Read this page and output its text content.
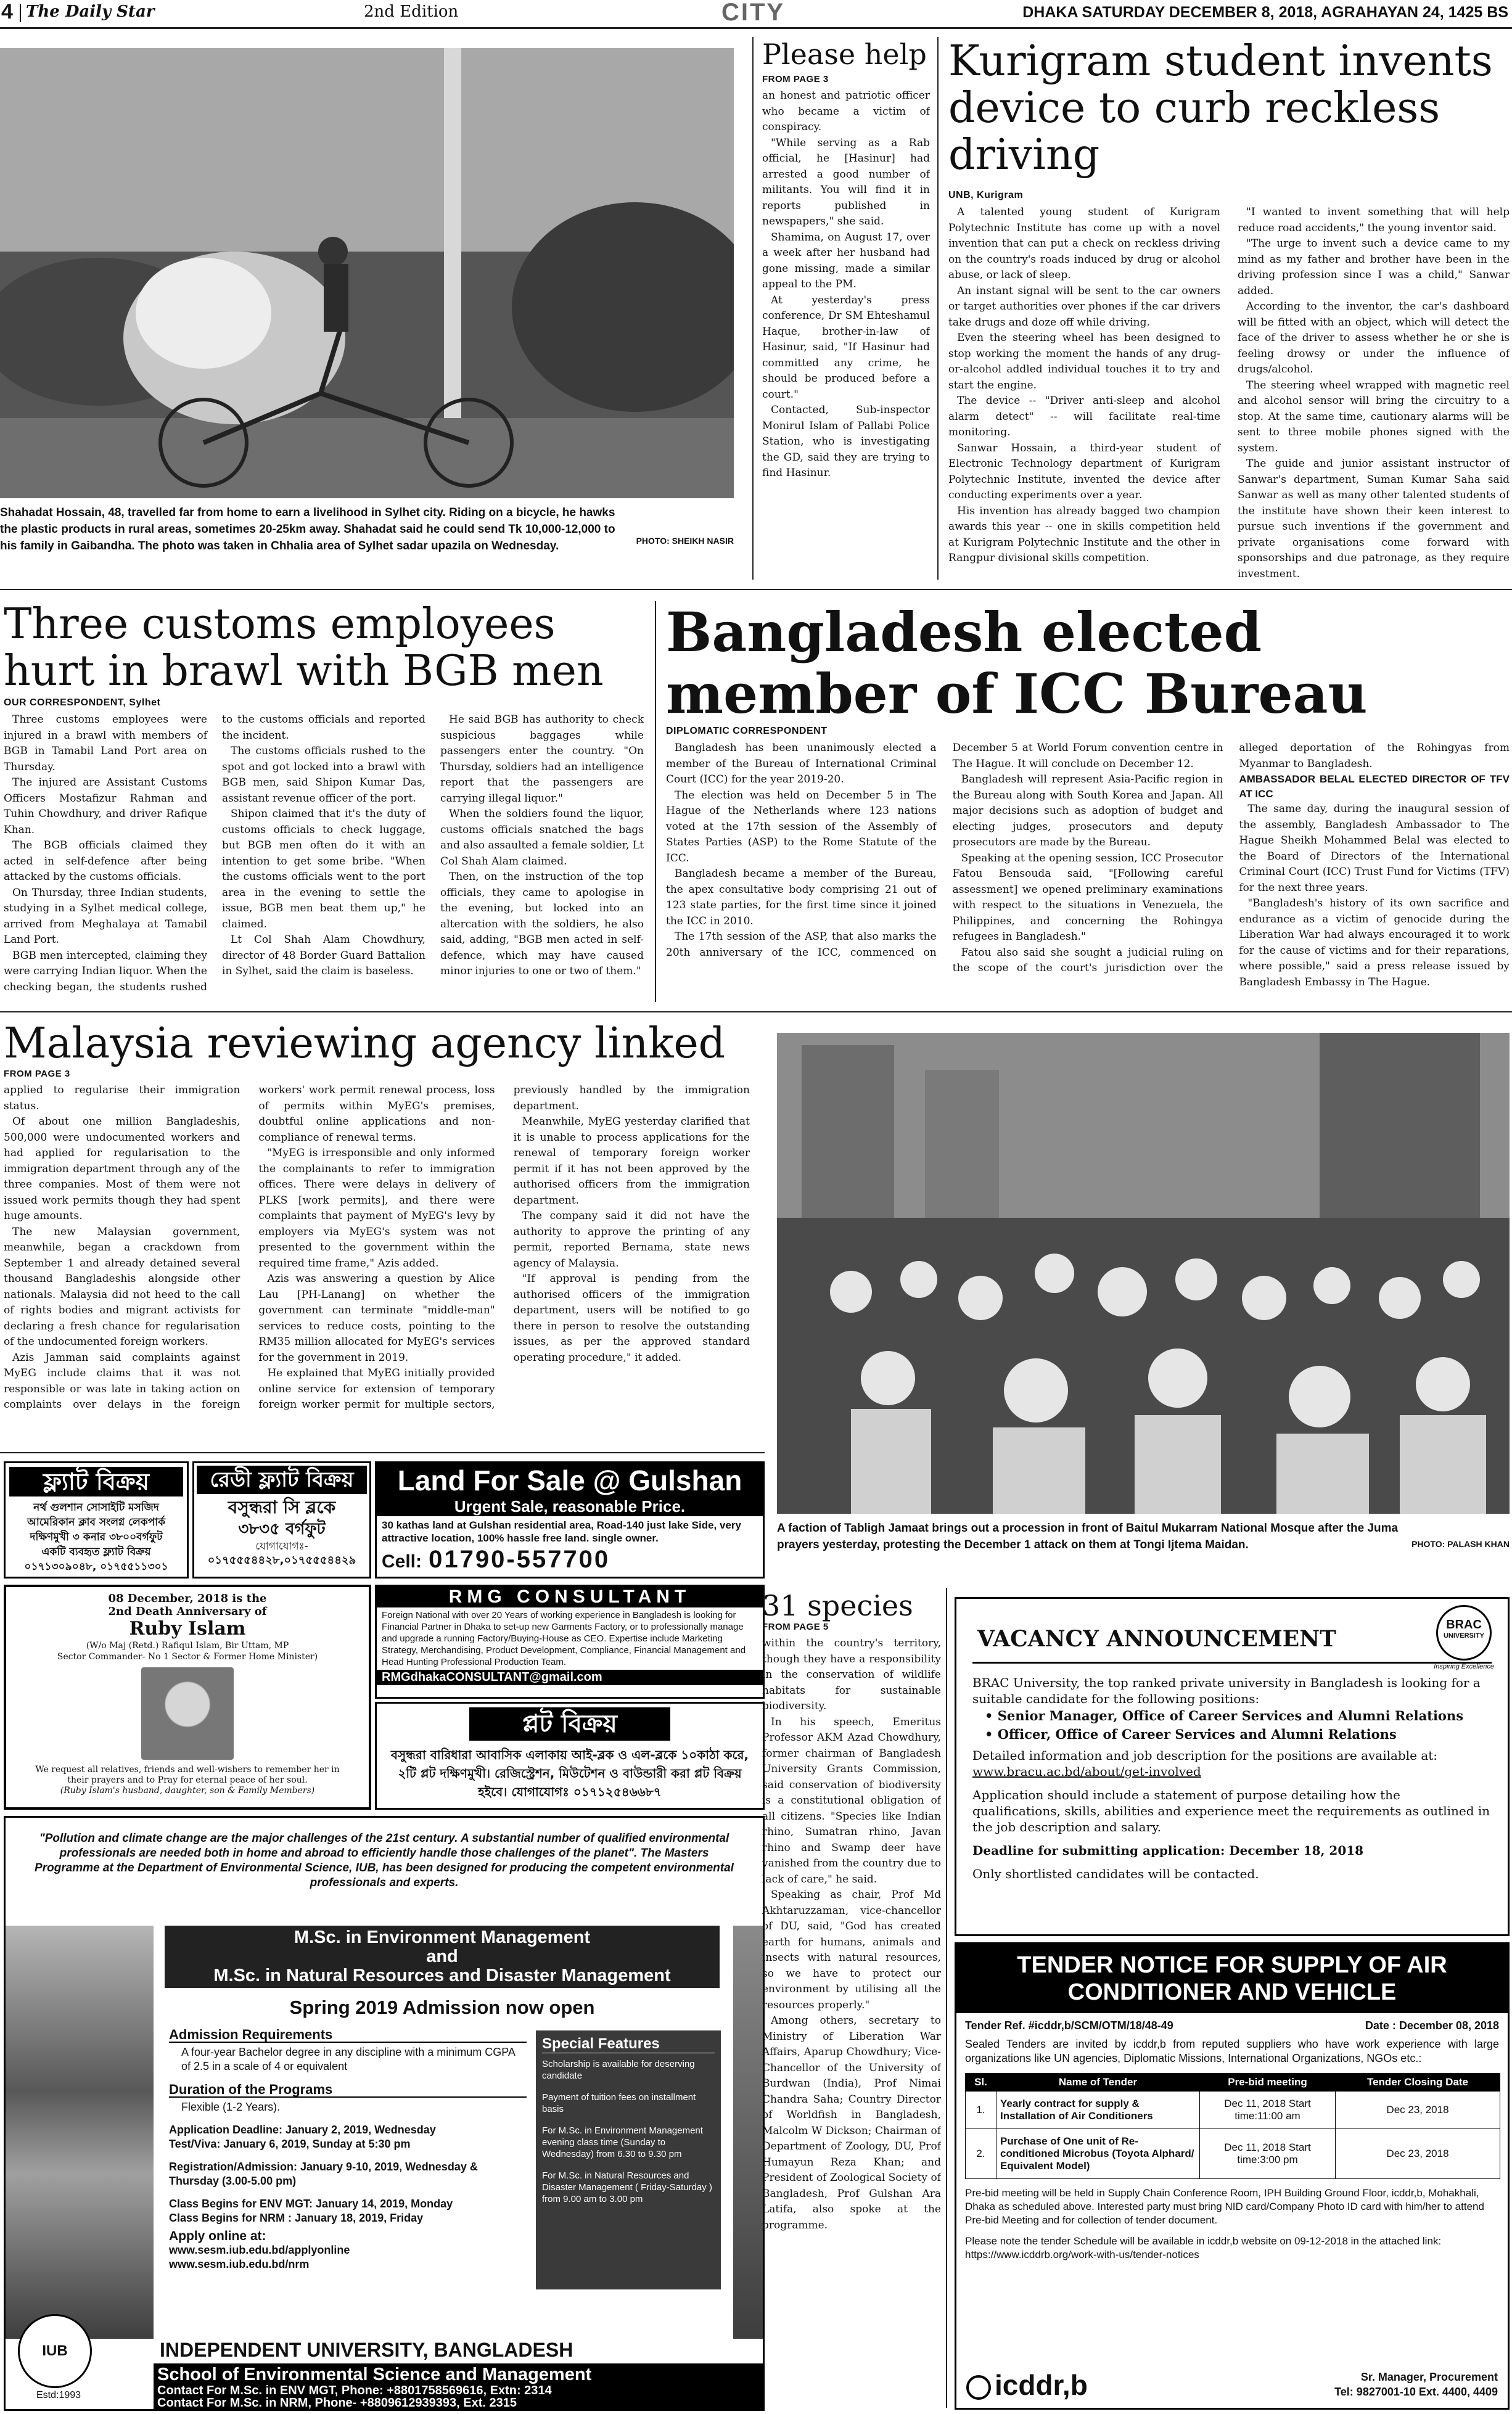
4 The Daily Star	2nd Edition	CITY	DHAKA SATURDAY DECEMBER 8, 2018, AGRAHAYAN 24, 1425 BS
PHOTO: SHEIKH NASIR
Shahadat Hossain, 48, travelled far from home to earn a livelihood in Sylhet city. Riding on a bicycle, he hawks the plastic products in rural areas, sometimes 20-25km away. Shahadat said he could send Tk 10,000-12,000 to his family in Gaibandha. The photo was taken in Chhalia area of Sylhet sadar upazila on Wednesday.
Please help
FROM PAGE 3

an honest and patriotic officer who became a victim of conspiracy.

"While serving as a Rab official, he [Hasinur] had arrested a good number of militants. You will find it in reports published in newspapers," she said.

Shamima, on August 17, over a week after her husband had gone missing, made a similar appeal to the PM.

At yesterday's press conference, Dr SM Ehteshamul Haque, brother-in-law of Hasinur, said, "If Hasinur had committed any crime, he should be produced before a court."

Contacted, Sub-inspector Monirul Islam of Pallabi Police Station, who is investigating the GD, said they are trying to find Hasinur.

Kurigram student invents device to curb reckless driving
UNB, Kurigram

A talented young student of Kurigram Polytechnic Institute has come up with a novel invention that can put a check on reckless driving on the country's roads induced by drug or alcohol abuse, or lack of sleep.

An instant signal will be sent to the car owners or target authorities over phones if the car drivers take drugs and doze off while driving.

Even the steering wheel has been designed to stop working the moment the hands of any drug-or-alcohol addled individual touches it to try and start the engine.

The device -- "Driver anti-sleep and alcohol alarm detect" -- will facilitate real-time monitoring.

Sanwar Hossain, a third-year student of Electronic Technology department of Kurigram Polytechnic Institute, invented the device after conducting experiments over a year.

His invention has already bagged two champion awards this year -- one in skills competition held at Kurigram Polytechnic Institute and the other in Rangpur divisional skills competition.

"I wanted to invent something that will help reduce road accidents," the young inventor said.

"The urge to invent such a device came to my mind as my father and brother have been in the driving profession since I was a child," Sanwar added.

According to the inventor, the car's dashboard will be fitted with an object, which will detect the face of the driver to assess whether he or she is feeling drowsy or under the influence of drugs/alcohol.

The steering wheel wrapped with magnetic reel and alcohol sensor will bring the circuitry to a stop. At the same time, cautionary alarms will be sent to three mobile phones signed with the system.

The guide and junior assistant instructor of Sanwar's department, Suman Kumar Saha said Sanwar as well as many other talented students of the institute have shown their keen interest to pursue such inventions if the government and private organisations come forward with sponsorships and due patronage, as they require investment.

Three customs employees hurt in brawl with BGB men
OUR CORRESPONDENT, Sylhet

Three customs employees were injured in a brawl with members of BGB in Tamabil Land Port area on Thursday.

The injured are Assistant Customs Officers Mostafizur Rahman and Tuhin Chowdhury, and driver Rafique Khan.

The BGB officials claimed they acted in self-defence after being attacked by the customs officials.

On Thursday, three Indian students, studying in a Sylhet medical college, arrived from Meghalaya at Tamabil Land Port.

BGB men intercepted, claiming they were carrying Indian liquor. When the checking began, the students rushed to the customs officials and reported the incident.

The customs officials rushed to the spot and got locked into a brawl with BGB men, said Shipon Kumar Das, assistant revenue officer of the port.

Shipon claimed that it's the duty of customs officials to check luggage, but BGB men often do it with an intention to get some bribe. "When the customs officials went to the port area in the evening to settle the issue, BGB men beat them up," he claimed.

Lt Col Shah Alam Chowdhury, director of 48 Border Guard Battalion in Sylhet, said the claim is baseless.

He said BGB has authority to check suspicious baggages while passengers enter the country. "On Thursday, soldiers had an intelligence report that the passengers are carrying illegal liquor."

When the soldiers found the liquor, customs officials snatched the bags and also assaulted a female soldier, Lt Col Shah Alam claimed.

Then, on the instruction of the top officials, they came to apologise in the evening, but locked into an altercation with the soldiers, he also said, adding, "BGB men acted in self-defence, which may have caused minor injuries to one or two of them."

Bangladesh elected member of ICC Bureau
DIPLOMATIC CORRESPONDENT

Bangladesh has been unanimously elected a member of the Bureau of International Criminal Court (ICC) for the year 2019-20.

The election was held on December 5 in The Hague of the Netherlands where 123 nations voted at the 17th session of the Assembly of States Parties (ASP) to the Rome Statute of the ICC.

Bangladesh became a member of the Bureau, the apex consultative body comprising 21 out of 123 state parties, for the first time since it joined the ICC in 2010.

The 17th session of the ASP, that also marks the 20th anniversary of the ICC, commenced on December 5 at World Forum convention centre in The Hague. It will conclude on December 12.

Bangladesh will represent Asia-Pacific region in the Bureau along with South Korea and Japan. All major decisions such as adoption of budget and electing judges, prosecutors and deputy prosecutors are made by the Bureau.

Speaking at the opening session, ICC Prosecutor Fatou Bensouda said, "[Following careful assessment] we opened preliminary examinations with respect to the situations in Venezuela, the Philippines, and concerning the Rohingya refugees in Bangladesh."

Fatou also said she sought a judicial ruling on the scope of the court's jurisdiction over the alleged deportation of the Rohingyas from Myanmar to Bangladesh.

AMBASSADOR BELAL ELECTED DIRECTOR OF TFV AT ICC

The same day, during the inaugural session of the assembly, Bangladesh Ambassador to The Hague Sheikh Mohammed Belal was elected to the Board of Directors of the International Criminal Court (ICC) Trust Fund for Victims (TFV) for the next three years.

"Bangladesh's history of its own sacrifice and endurance as a victim of genocide during the Liberation War had always encouraged it to work for the cause of victims and for their reparations, where possible," said a press release issued by Bangladesh Embassy in The Hague.

Malaysia reviewing agency linked
FROM PAGE 3

applied to regularise their immigration status.

Of about one million Bangladeshis, 500,000 were undocumented workers and had applied for regularisation to the immigration department through any of the three companies. Most of them were not issued work permits though they had spent huge amounts.

The new Malaysian government, meanwhile, began a crackdown from September 1 and already detained several thousand Bangladeshis alongside other nationals. Malaysia did not heed to the call of rights bodies and migrant activists for declaring a fresh chance for regularisation of the undocumented foreign workers.

Azis Jamman said complaints against MyEG include claims that it was not responsible or was late in taking action on complaints over delays in the foreign workers' work permit renewal process, loss of permits within MyEG's premises, doubtful online applications and non-compliance of renewal terms.

"MyEG is irresponsible and only informed the complainants to refer to immigration offices. There were delays in delivery of PLKS [work permits], and there were complaints that payment of MyEG's levy by employers via MyEG's system was not presented to the government within the required time frame," Azis added.

Azis was answering a question by Alice Lau [PH-Lanang] on whether the government can terminate "middle-man" services to reduce costs, pointing to the RM35 million allocated for MyEG's services for the government in 2019.

He explained that MyEG initially provided online service for extension of temporary foreign worker permit for multiple sectors, previously handled by the immigration department.

Meanwhile, MyEG yesterday clarified that it is unable to process applications for the renewal of temporary foreign worker permit if it has not been approved by the authorised officers from the immigration department.

The company said it did not have the authority to approve the printing of any permit, reported Bernama, state news agency of Malaysia.

"If approval is pending from the authorised officers of the immigration department, users will be notified to go there in person to resolve the outstanding issues, as per the approved standard operating procedure," it added.

PHOTO: PALASH KHAN
A faction of Tabligh Jamaat brings out a procession in front of Baitul Mukarram National Mosque after the Juma prayers yesterday, protesting the December 1 attack on them at Tongi Ijtema Maidan.
ফ্ল্যাট বিক্রয়
নর্থ গুলশান সোসাইটি মসজিদ
আমেরিকান ক্লাব সংলগ্ন লেকপার্ক
দক্ষিণমুখী ৩ কনার ৩৮০০বর্গফুট
একটি ব্যবহৃত ফ্ল্যাট বিক্রয়
০১৭১৩০৯০৪৮, ০১৭৫৫১১৩০১
রেডী ফ্ল্যাট বিক্রয়
বসুন্ধরা সি ব্লকে
৩৮৩৫ বর্গফুট
যোগাযোগঃ-
০১৭৫৫৫৪৪২৮,০১৭৫৫৫৪৪২৯
Land For Sale @ Gulshan
Urgent Sale, reasonable Price.
30 kathas land at Gulshan residential area, Road-140 just lake Side, very attractive location, 100% hassle free land. single owner.
Cell: 01790-557700
08 December, 2018 is the
2nd Death Anniversary of
Ruby Islam
(W/o Maj (Retd.) Rafiqul Islam, Bir Uttam, MP
Sector Commander- No 1 Sector & Former Home Minister)
We request all relatives, friends and well-wishers to remember her in their prayers and to Pray for eternal peace of her soul.
(Ruby Islam's husband, daughter, son & Family Members)
RMG CONSULTANT
Foreign National with over 20 Years of working experience in Bangladesh is looking for Financial Partner in Dhaka to set-up new Garments Factory, or to professionally manage and upgrade a running Factory/Buying-House as CEO. Expertise include Marketing Strategy, Merchandising, Product Development, Compliance, Financial Management and Head Hunting Professional Production Team.
RMGdhakaCONSULTANT@gmail.com
প্লট বিক্রয়
বসুন্ধরা বারিধারা আবাসিক এলাকায় আই-ব্লক ও এল-ব্লকে ১০কাঠা করে, ২টি প্লট দক্ষিণমুখী। রেজিস্ট্রেশন, মিউটেশন ও বাউন্ডারী করা প্লট বিক্রয় হইবে। যোগাযোগঃ ০১৭১২৫৪৬৬৮৭
"Pollution and climate change are the major challenges of the 21st century. A substantial number of qualified environmental professionals are needed both in home and abroad to efficiently handle those challenges of the planet". The Masters Programme at the Department of Environmental Science, IUB, has been designed for producing the competent environmental professionals and experts.
M.Sc. in Environment Management
and
M.Sc. in Natural Resources and Disaster Management
Spring 2019 Admission now open
Admission Requirements
A four-year Bachelor degree in any discipline with a minimum CGPA of 2.5 in a scale of 4 or equivalent
Duration of the Programs
Flexible (1-2 Years).
Application Deadline: January 2, 2019, Wednesday
Test/Viva: January 6, 2019, Sunday at 5:30 pm
Registration/Admission: January 9-10, 2019, Wednesday & Thursday (3.00-5.00 pm)
Class Begins for ENV MGT: January 14, 2019, Monday
Class Begins for NRM : January 18, 2019, Friday
Apply online at:
www.sesm.iub.edu.bd/applyonline
www.sesm.iub.edu.bd/nrm
Special Features
Scholarship is available for deserving candidate
Payment of tuition fees on installment basis
For M.Sc. in Environment Management evening class time (Sunday to Wednesday) from 6.30 to 9.30 pm
For M.Sc. in Natural Resources and Disaster Management ( Friday-Saturday ) from 9.00 am to 3.00 pm
IUB
Estd:1993
INDEPENDENT UNIVERSITY, BANGLADESH
School of Environmental Science and Management
Contact For M.Sc. in ENV MGT, Phone: +8801758569616, Extn: 2314
Contact For M.Sc. in NRM, Phone- +8809612939393, Ext. 2315
31 species
FROM PAGE 5

within the country's territory, though they have a responsibility in the conservation of wildlife habitats for sustainable biodiversity.

In his speech, Emeritus Professor AKM Azad Chowdhury, former chairman of Bangladesh University Grants Commission, said conservation of biodiversity is a constitutional obligation of all citizens. "Species like Indian rhino, Sumatran rhino, Javan rhino and Swamp deer have vanished from the country due to lack of care," he said.

Speaking as chair, Prof Md Akhtaruzzaman, vice-chancellor of DU, said, "God has created earth for humans, animals and insects with natural resources, so we have to protect our environment by utilising all the resources properly."

Among others, secretary to Ministry of Liberation War Affairs, Aparup Chowdhury; Vice-Chancellor of the University of Burdwan (India), Prof Nimai Chandra Saha; Country Director of Worldfish in Bangladesh, Malcolm W Dickson; Chairman of Department of Zoology, DU, Prof Humayun Reza Khan; and President of Zoological Society of Bangladesh, Prof Gulshan Ara Latifa, also spoke at the programme.

BRAC
UNIVERSITY
Inspiring Excellence
VACANCY ANNOUNCEMENT
BRAC University, the top ranked private university in Bangladesh is looking for a suitable candidate for the following positions:
• Senior Manager, Office of Career Services and Alumni Relations
• Officer, Office of Career Services and Alumni Relations
Detailed information and job description for the positions are available at:
www.bracu.ac.bd/about/get-involved
Application should include a statement of purpose detailing how the qualifications, skills, abilities and experience meet the requirements as outlined in the job description and salary.
Deadline for submitting application: December 18, 2018
Only shortlisted candidates will be contacted.
TENDER NOTICE FOR SUPPLY OF AIR CONDITIONER AND VEHICLE
Tender Ref. #icddr,b/SCM/OTM/18/48-49	Date : December 08, 2018
Sealed Tenders are invited by icddr,b from reputed suppliers who have work experience with large organizations like UN agencies, Diplomatic Missions, International Organizations, NGOs etc.:
Sl.	Name of Tender	Pre-bid meeting	Tender Closing Date
1.	Yearly contract for supply & Installation of Air Conditioners	Dec 11, 2018 Start time:11:00 am	Dec 23, 2018
2.	Purchase of One unit of Re-conditioned Microbus (Toyota Alphard/ Equivalent Model)	Dec 11, 2018 Start time:3:00 pm	Dec 23, 2018
Pre-bid meeting will be held in Supply Chain Conference Room, IPH Building Ground Floor, icddr,b, Mohakhali, Dhaka as scheduled above. Interested party must bring NID card/Company Photo ID card with him/her to attend Pre-bid Meeting and for collection of tender document.
Please note the tender Schedule will be available in icddr,b website on 09-12-2018 in the attached link: https://www.icddrb.org/work-with-us/tender-notices
icddr,b	Sr. Manager, Procurement
Tel: 9827001-10 Ext. 4400, 4409
